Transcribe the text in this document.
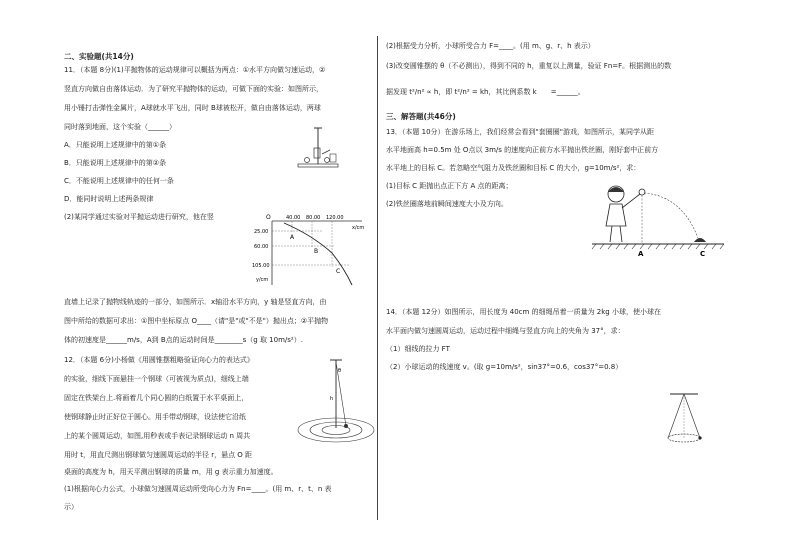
二、实验题(共14分)
11．（本题 8分)(1)平抛物体的运动规律可以概括为两点：①水平方向做匀速运动，②
竖直方向做自由落体运动．为了研究平抛物体的运动，可做下面的实验：如图所示，
用小锤打击弹性金属片，A球就水平飞出，同时 B球被松开，做自由落体运动，两球
同时落到地面，这个实验（______）
A．只能说明上述规律中的第①条
B．只能说明上述规律中的第②条
C．不能说明上述规律中的任何一条
D．能同时说明上述两条规律
(2)某同学通过实验对平抛运动进行研究，他在竖	O	40.00 80.00 120.00
x/cm
25.00
60.00
105.00
y/cm
A
B
C
直墙上记录了抛物线轨迹的一部分，如图所示．x轴沿水平方向，y 轴是竖直方向，由
图中所给的数据可求出：①图中坐标原点 O____（请"是"或"不是"）抛出点；②平抛物
体的初速度是______m/s，A到 B点的运动时间是________s（g 取 10m/s²）.
12．（本题 6分)小杨做《用圆锥摆粗略验证向心力的表达式》
的实验，细线下面悬挂一个钢球（可被视为质点)，细线上端
固定在铁架台上.将画着几个同心圆的白纸置于水平桌面上，
使钢球静止时正好位于圆心。用手带动钢球，设法使它沿纸
上的某个圆周运动，如图,用秒表或手表记录钢球运动 n 周共
用时 t，用直尺测出钢球做匀速圆周运动的半径 r，悬点 O 距
桌面的高度为 h，用天平测出钢球的质量 m，用 g 表示重力加速度。
(1)根据向心力公式，小球做匀速圆周运动所受向心力为 Fn=____。(用 m、r、t、n 表
示）
θ
h
(2)根据受力分析，小球所受合力 F=____。(用 m、g、r、h 表示）
(3)改变圆锥摆的 θ（不必测出），得到不同的 h，重复以上测量，验证 Fn=F。根据测出的数
据发现 t²/n² ∝ h，即 t²/n² = kh，其比例系数 k　　=______。
三、解答题(共46分)
13．（本题 10分）在游乐场上，我们经常会看到"套圈圈"游戏，如图所示，某同学从距
水平地面高 h=0.5m 处 O点以 3m/s 的速度向正前方水平抛出铁丝圈，刚好套中正前方
水平地上的目标 C。若忽略空气阻力及铁丝圈和目标 C 的大小，g=10m/s²，求：
(1)目标 C 距抛出点正下方 A 点的距离；
(2)铁丝圈落地前瞬间速度大小及方向。
A	C
14．（本题 12分）如图所示，用长度为 40cm 的细绳吊着一质量为 2kg 小球，使小球在
水平面内做匀速圆周运动，运动过程中细绳与竖直方向上的夹角为 37°，求：
（1）细线的拉力 FT
（2）小球运动的线速度 v。(取 g=10m/s²，sin37°=0.6，cos37°=0.8）
